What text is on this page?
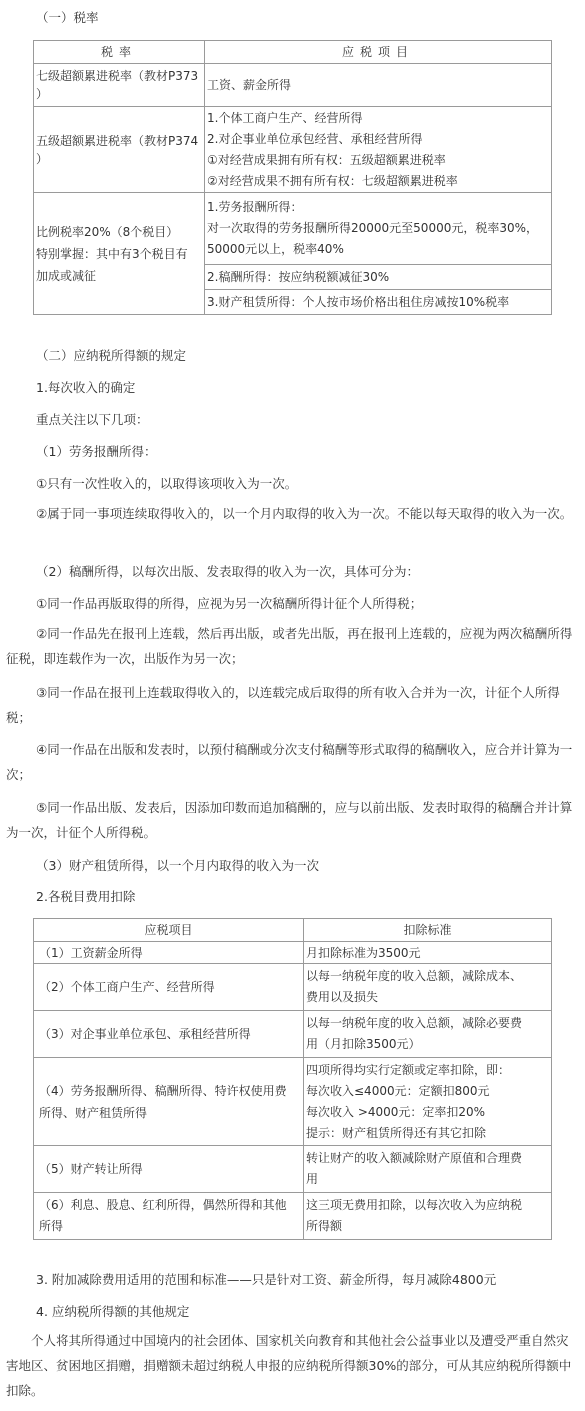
（一）税率
税率	应税项目

七级超额累进税率（教材P373
）	工资、薪金所得

五级超额累进税率（教材P374
）	1.个体工商户生产、经营所得
2.对企事业单位承包经营、承租经营所得
①对经营成果拥有所有权：五级超额累进税率
②对经营成果不拥有所有权：七级超额累进税率

比例税率20%（8个税目）
特别掌握：其中有3个税目有
加成或减征	1.劳务报酬所得：
对一次取得的劳务报酬所得20000元至50000元，税率30%，
50000元以上，税率40%

	2.稿酬所得：按应纳税额减征30%
	3.财产租赁所得：个人按市场价格出租住房减按10%税率
（二）应纳税所得额的规定
1.每次收入的确定
重点关注以下几项：
（1）劳务报酬所得：
①只有一次性收入的，以取得该项收入为一次。
②属于同一事项连续取得收入的，以一个月内取得的收入为一次。不能以每天取得的收入为一次。
（2）稿酬所得，以每次出版、发表取得的收入为一次，具体可分为：
①同一作品再版取得的所得，应视为另一次稿酬所得计征个人所得税；
②同一作品先在报刊上连载，然后再出版，或者先出版，再在报刊上连载的，应视为两次稿酬所得征税，即连载作为一次，出版作为另一次；
③同一作品在报刊上连载取得收入的，以连载完成后取得的所有收入合并为一次，计征个人所得税；
④同一作品在出版和发表时，以预付稿酬或分次支付稿酬等形式取得的稿酬收入，应合并计算为一次；
⑤同一作品出版、发表后，因添加印数而追加稿酬的，应与以前出版、发表时取得的稿酬合并计算为一次，计征个人所得税。
（3）财产租赁所得，以一个月内取得的收入为一次
2.各税目费用扣除
应税项目	扣除标准
（1）工资薪金所得	月扣除标准为3500元
（2）个体工商户生产、经营所得	以每一纳税年度的收入总额，减除成本、
费用以及损失

（3）对企事业单位承包、承租经营所得	以每一纳税年度的收入总额，减除必要费
用（月扣除3500元）

（4）劳务报酬所得、稿酬所得、特许权使用费
所得、财产租赁所得	四项所得均实行定额或定率扣除，即：
每次收入≤4000元：定额扣800元
每次收入 >4000元：定率扣20%
提示：财产租赁所得还有其它扣除

（5）财产转让所得	转让财产的收入额减除财产原值和合理费
用

（6）利息、股息、红利所得，偶然所得和其他
所得	这三项无费用扣除，以每次收入为应纳税
所得额
3. 附加减除费用适用的范围和标准——只是针对工资、薪金所得，每月减除4800元
4. 应纳税所得额的其他规定
个人将其所得通过中国境内的社会团体、国家机关向教育和其他社会公益事业以及遭受严重自然灾害地区、贫困地区捐赠，捐赠额未超过纳税人申报的应纳税所得额30%的部分，可从其应纳税所得额中扣除。
